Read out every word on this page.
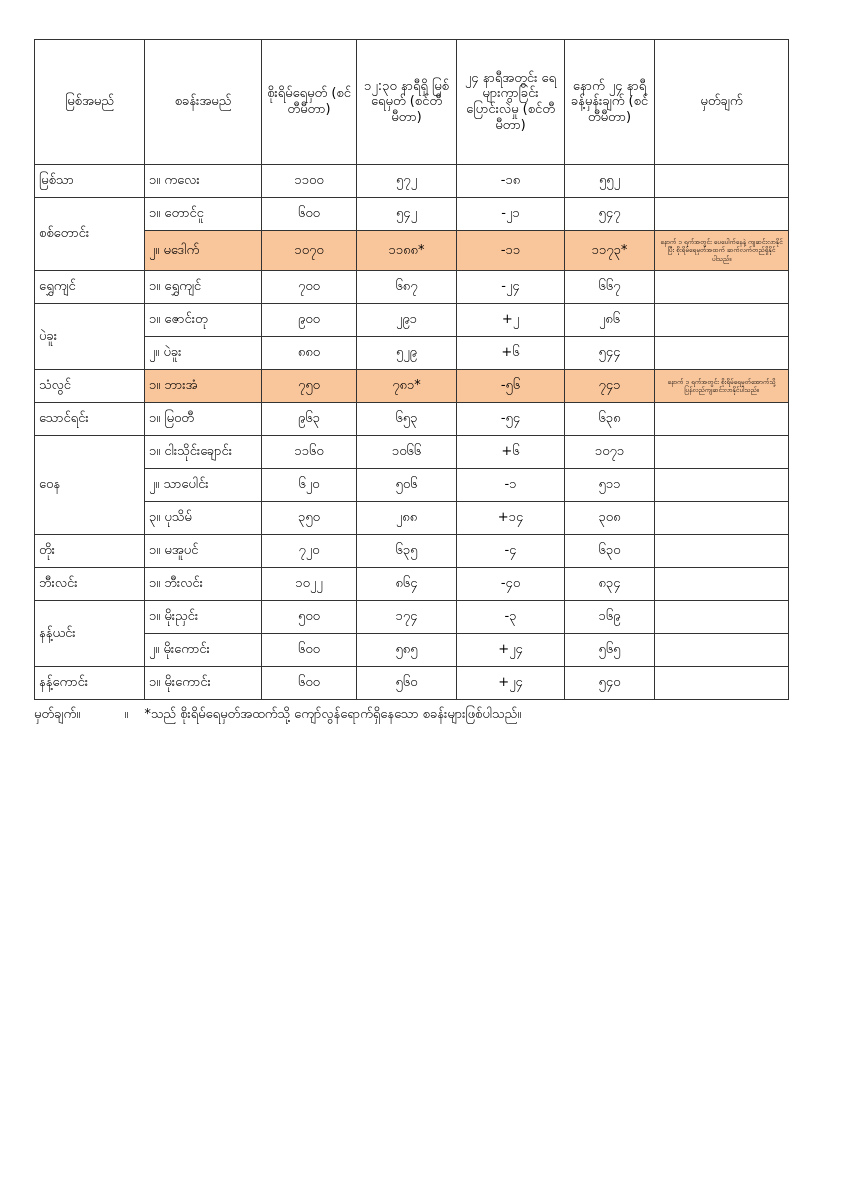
မြစ်အမည်	စခန်းအမည်	စိုးရိမ်ရေမှတ် (စင်တီမီတာ)	၁၂:၃၀ နာရီရှိ မြစ်ရေမှတ် (စင်တီမီတာ)	၂၄ နာရီအတွင်း ရေများကွာခြင်း ပြောင်းလဲမှု (စင်တီမီတာ)	နောက် ၂၄ နာရီ ခန့်မှန်းချက် (စင်တီမီတာ)	မှတ်ချက်
မြစ်သာ	၁။ ကလေး	၁၁၀၀	၅၇၂	-၁၈	၅၅၂	
စစ်တောင်း	၁။ တောင်ငူ	၆၀၀	၅၄၂	-၂၁	၅၄၇	
	၂။ မဒေါက်	၁၀၇၀	၁၁၈၈*	-၁၁	၁၁၇၃*	နောက် ၁ ရက်အတွင်း ပေပေါက်နေနဲ့ ကျဆင်းလာနိုင်ပြီး စိုးရိမ်ရေမှတ်အထက် ဆက်လက်တည်ရှိနိုင်ပါသည်။
ရွှေကျင်	၁။ ရွှေကျင်	၇၀၀	၆၈၇	-၂၄	၆၆၇	
ပဲခူး	၁။ ဇောင်းတု	၉၀၀	၂၉၁	+၂	၂၈၆	
	၂။ ပဲခူး	၈၈၀	၅၂၉	+၆	၅၄၄	
သံလွင်	၁။ ဘားအံ	၇၅၀	၇၈၁*	-၅၆	၇၄၁	နောက် ၁ ရက်အတွင်း စိုးရိမ်ရေမှတ်အောက်သို့ ပြန်လည်ကျဆင်းလာနိုင်ပါသည်။
သောင်ရင်း	၁။ မြဝတီ	၉၆၃	၆၅၃	-၅၄	၆၃၈	
ဝေန	၁။ ငါးသိုင်းချောင်း	၁၁၆၀	၁၀၆၆	+၆	၁၀၇၁	
	၂။ သာပေါင်း	၆၂၀	၅၀၆	-၁	၅၁၁	
	၃။ ပုသိမ်	၃၅၀	၂၈၈	+၁၄	၃၀၈	
တိုး	၁။ မအူပင်	၇၂၀	၆၃၅	-၄	၆၃၀	
ဘီးလင်း	၁။ ဘီးလင်း	၁၀၂၂	၈၆၄	-၄၀	၈၃၄	
နန့်ယင်း	၁။ မိုးညှင်း	၅၀၀	၁၇၄	-၃	၁၆၉	
	၂။ မိုးကောင်း	၆၀၀	၅၈၅	+၂၄	၅၆၅	
နန့်ကောင်း	၁။ မိုးကောင်း	၆၀၀	၅၆၀	+၂၄	၅၄၀	
မှတ်ချက်။	။ *သည် စိုးရိမ်ရေမှတ်အထက်သို့ ကျော်လွန်ရောက်ရှိနေသော စခန်းများဖြစ်ပါသည်။
